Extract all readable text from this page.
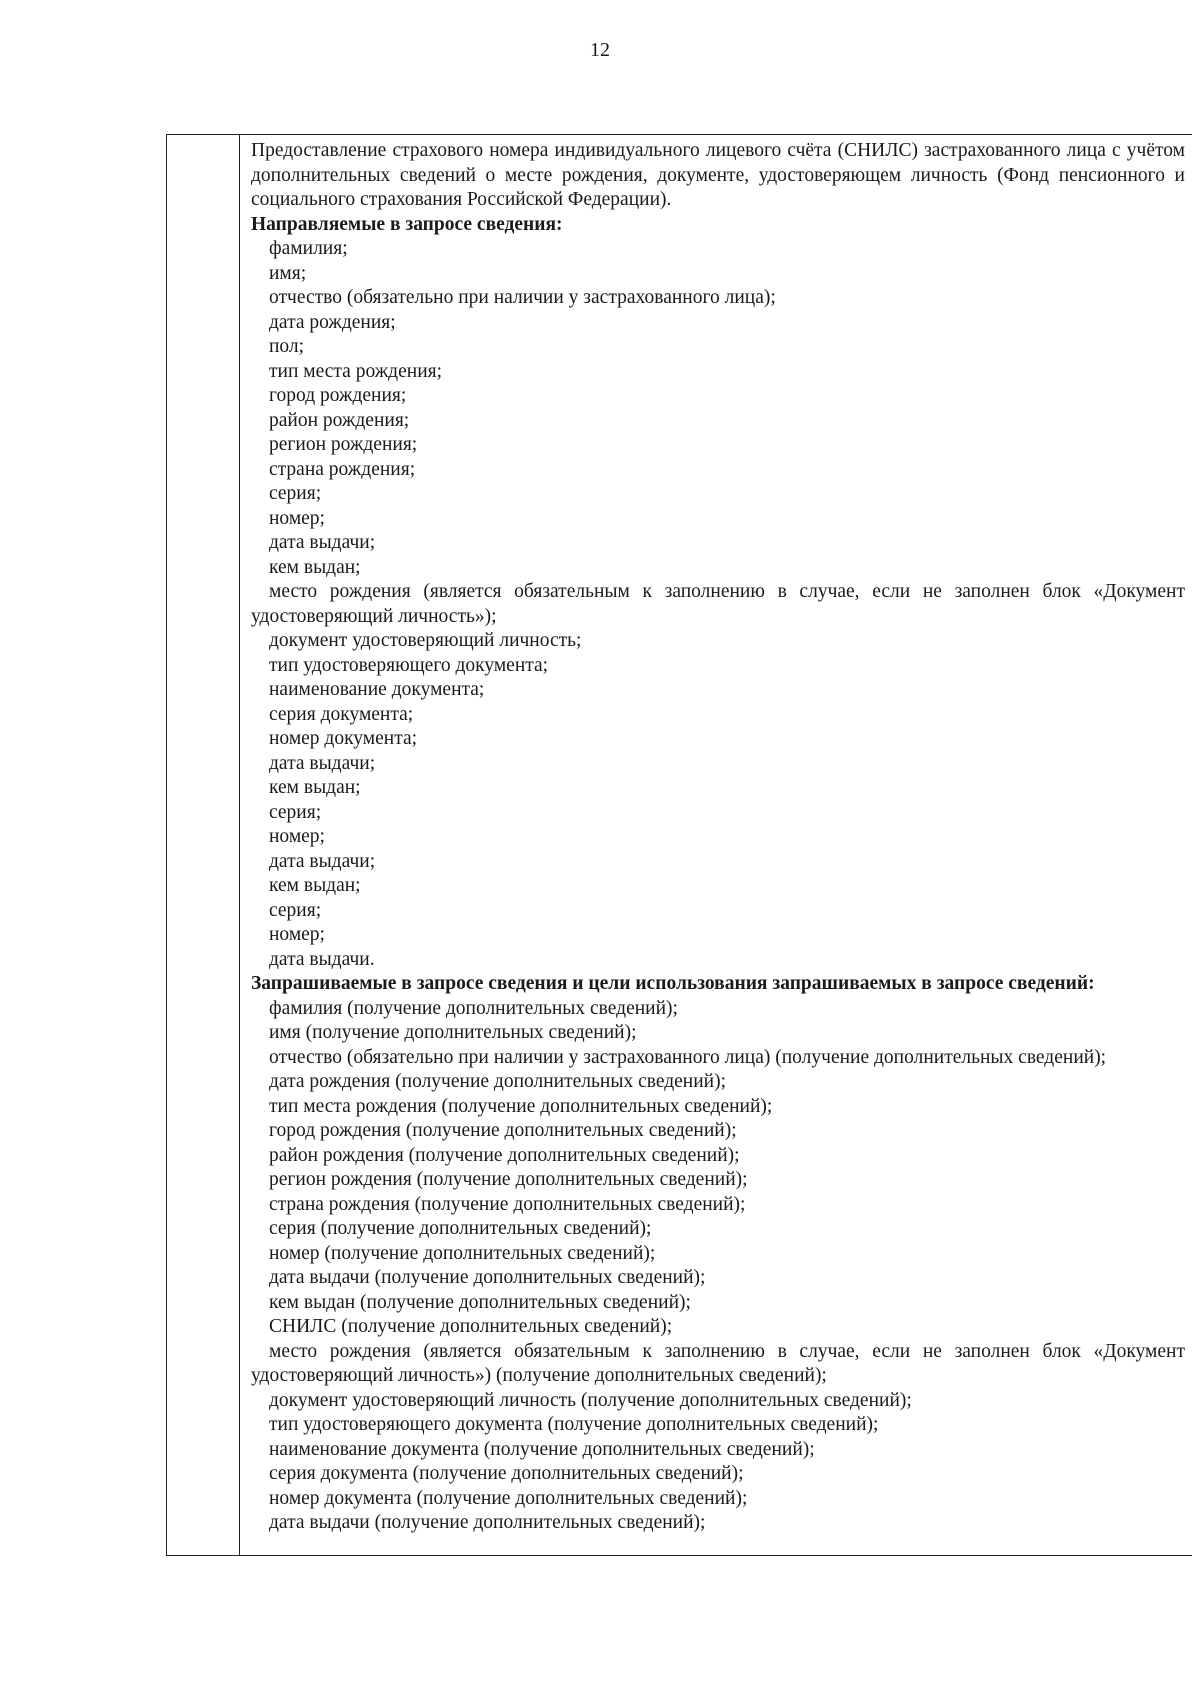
12

Предоставление страхового номера индивидуального лицевого счёта (СНИЛС) застрахованного лица с учётом дополнительных сведений о месте рождения, документе, удостоверяющем личность (Фонд пенсионного и социального страхования Российской Федерации).

Направляемые в запросе сведения:

фамилия;

имя;

отчество (обязательно при наличии у застрахованного лица);

дата рождения;

пол;

тип места рождения;

город рождения;

район рождения;

регион рождения;

страна рождения;

серия;

номер;

дата выдачи;

кем выдан;

место рождения (является обязательным к заполнению в случае, если не заполнен блок «Документ удостоверяющий личность»);

документ удостоверяющий личность;

тип удостоверяющего документа;

наименование документа;

серия документа;

номер документа;

дата выдачи;

кем выдан;

серия;

номер;

дата выдачи;

кем выдан;

серия;

номер;

дата выдачи.

Запрашиваемые в запросе сведения и цели использования запрашиваемых в запросе сведений:

фамилия (получение дополнительных сведений);

имя (получение дополнительных сведений);

отчество (обязательно при наличии у застрахованного лица) (получение дополнительных сведений);

дата рождения (получение дополнительных сведений);

тип места рождения (получение дополнительных сведений);

город рождения (получение дополнительных сведений);

район рождения (получение дополнительных сведений);

регион рождения (получение дополнительных сведений);

страна рождения (получение дополнительных сведений);

серия (получение дополнительных сведений);

номер (получение дополнительных сведений);

дата выдачи (получение дополнительных сведений);

кем выдан (получение дополнительных сведений);

СНИЛС (получение дополнительных сведений);

место рождения (является обязательным к заполнению в случае, если не заполнен блок «Документ удостоверяющий личность») (получение дополнительных сведений);

документ удостоверяющий личность (получение дополнительных сведений);

тип удостоверяющего документа (получение дополнительных сведений);

наименование документа (получение дополнительных сведений);

серия документа (получение дополнительных сведений);

номер документа (получение дополнительных сведений);

дата выдачи (получение дополнительных сведений);
